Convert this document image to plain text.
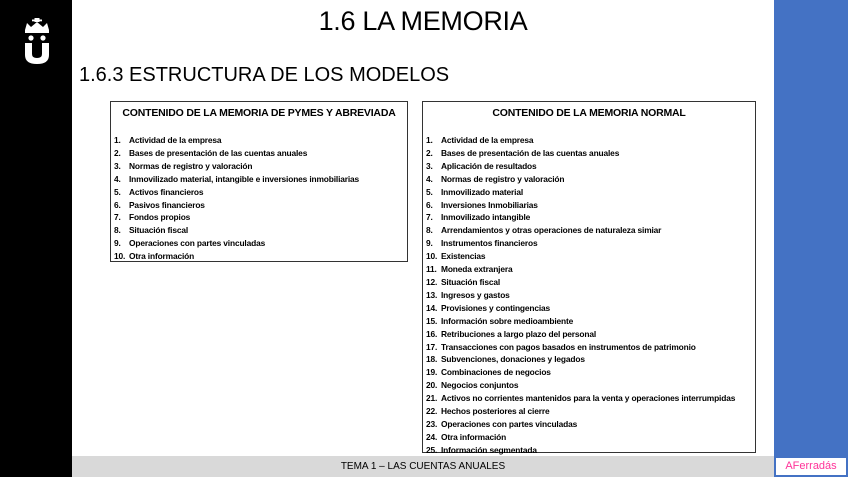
1.6 LA MEMORIA
1.6.3 ESTRUCTURA DE LOS MODELOS
CONTENIDO DE LA MEMORIA DE PYMES Y ABREVIADA
1. Actividad de la empresa
2. Bases de presentación de las cuentas anuales
3. Normas de registro y valoración
4. Inmovilizado material, intangible e inversiones inmobiliarias
5. Activos financieros
6. Pasivos financieros
7. Fondos propios
8. Situación fiscal
9. Operaciones con partes vinculadas
10. Otra información
CONTENIDO DE LA MEMORIA NORMAL
1. Actividad de la empresa
2. Bases de presentación de las cuentas anuales
3. Aplicación de resultados
4. Normas de registro y valoración
5. Inmovilizado material
6. Inversiones Inmobiliarias
7. Inmovilizado intangible
8. Arrendamientos y otras operaciones de naturaleza simiar
9. Instrumentos financieros
10. Existencias
11. Moneda extranjera
12. Situación fiscal
13. Ingresos y gastos
14. Provisiones y contingencias
15. Información sobre medioambiente
16. Retribuciones a largo plazo del personal
17. Transacciones con pagos basados en instrumentos de patrimonio
18. Subvenciones, donaciones y legados
19. Combinaciones de negocios
20. Negocios conjuntos
21. Activos no corrientes mantenidos para la venta y operaciones interrumpidas
22. Hechos posteriores al cierre
23. Operaciones con partes vinculadas
24. Otra información
25. Información segmentada
TEMA 1 – LAS CUENTAS ANUALES	AFerradás
